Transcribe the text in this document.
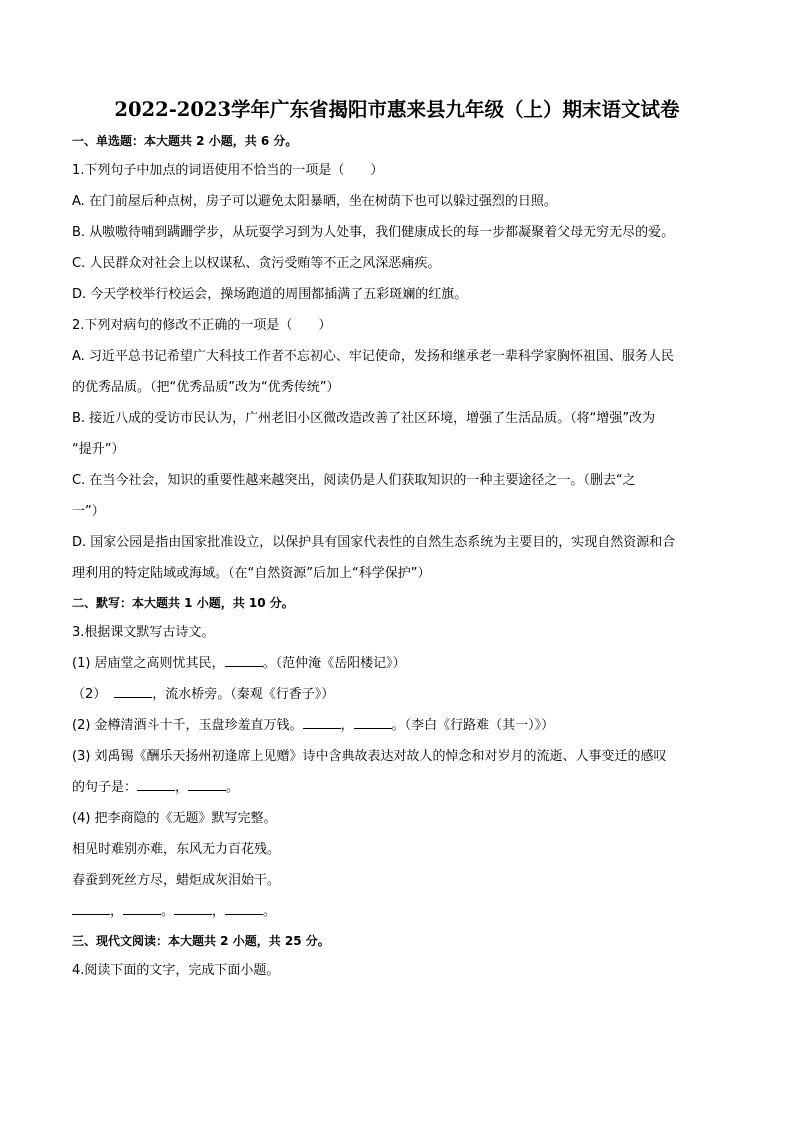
2022-2023学年广东省揭阳市惠来县九年级（上）期末语文试卷
一、单选题：本大题共 2 小题，共 6 分。
1.下列句子中加点的词语使用不恰当的一项是（　　）
A. 在门前屋后种点树，房子可以避免太阳暴晒，坐在树荫下也可以躲过强烈的日照。
B. 从嗷嗷待哺到蹒跚学步，从玩耍学习到为人处事，我们健康成长的每一步都凝聚着父母无穷无尽的爱。
C. 人民群众对社会上以权谋私、贪污受贿等不正之风深恶痛疾。
D. 今天学校举行校运会，操场跑道的周围都插满了五彩斑斓的红旗。
2.下列对病句的修改不正确的一项是（　　）
A. 习近平总书记希望广大科技工作者不忘初心、牢记使命，发扬和继承老一辈科学家胸怀祖国、服务人民
的优秀品质。（把“优秀品质”改为“优秀传统”）
B. 接近八成的受访市民认为，广州老旧小区微改造改善了社区环境，增强了生活品质。（将“增强”改为
“提升”）
C. 在当今社会，知识的重要性越来越突出，阅读仍是人们获取知识的一种主要途径之一。（删去“之
一”）
D. 国家公园是指由国家批准设立，以保护具有国家代表性的自然生态系统为主要目的，实现自然资源和合
理利用的特定陆域或海域。（在“自然资源”后加上“科学保护”）
二、默写：本大题共 1 小题，共 10 分。
3.根据课文默写古诗文。
(1) 居庙堂之高则忧其民，	。（范仲淹《岳阳楼记》）
（2）	，流水桥旁。（秦观《行香子》）
(2) 金樽清酒斗十千，玉盘珍羞直万钱。	，	。（李白《行路难（其一）》）
(3) 刘禹锡《酬乐天扬州初逢席上见赠》诗中含典故表达对故人的悼念和对岁月的流逝、人事变迁的感叹
的句子是：	，	。
(4) 把李商隐的《无题》默写完整。
相见时难别亦难，东风无力百花残。
春蚕到死丝方尽，蜡炬成灰泪始干。
，	。	，	。
三、现代文阅读：本大题共 2 小题，共 25 分。
4.阅读下面的文字，完成下面小题。
